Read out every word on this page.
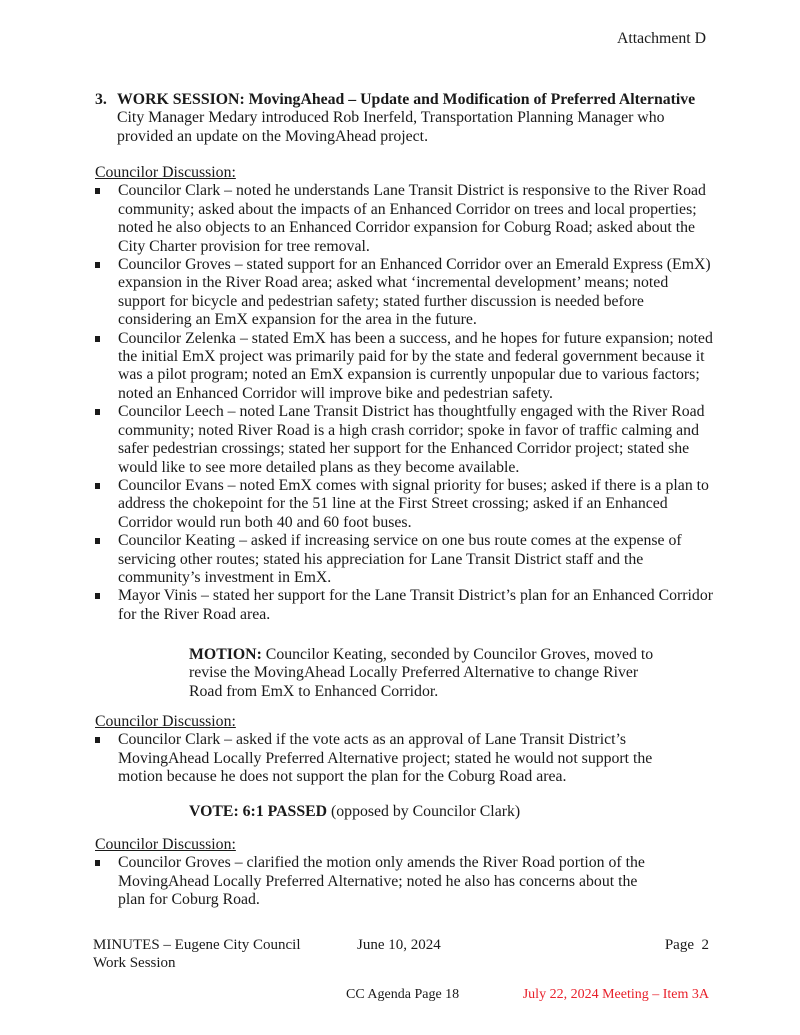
Attachment D
3. WORK SESSION: MovingAhead – Update and Modification of Preferred Alternative
City Manager Medary introduced Rob Inerfeld, Transportation Planning Manager who provided an update on the MovingAhead project.
Councilor Discussion:
Councilor Clark – noted he understands Lane Transit District is responsive to the River Road community; asked about the impacts of an Enhanced Corridor on trees and local properties; noted he also objects to an Enhanced Corridor expansion for Coburg Road; asked about the City Charter provision for tree removal.
Councilor Groves – stated support for an Enhanced Corridor over an Emerald Express (EmX) expansion in the River Road area; asked what ‘incremental development’ means; noted support for bicycle and pedestrian safety; stated further discussion is needed before considering an EmX expansion for the area in the future.
Councilor Zelenka – stated EmX has been a success, and he hopes for future expansion; noted the initial EmX project was primarily paid for by the state and federal government because it was a pilot program; noted an EmX expansion is currently unpopular due to various factors; noted an Enhanced Corridor will improve bike and pedestrian safety.
Councilor Leech – noted Lane Transit District has thoughtfully engaged with the River Road community; noted River Road is a high crash corridor; spoke in favor of traffic calming and safer pedestrian crossings; stated her support for the Enhanced Corridor project; stated she would like to see more detailed plans as they become available.
Councilor Evans – noted EmX comes with signal priority for buses; asked if there is a plan to address the chokepoint for the 51 line at the First Street crossing; asked if an Enhanced Corridor would run both 40 and 60 foot buses.
Councilor Keating – asked if increasing service on one bus route comes at the expense of servicing other routes; stated his appreciation for Lane Transit District staff and the community’s investment in EmX.
Mayor Vinis – stated her support for the Lane Transit District’s plan for an Enhanced Corridor for the River Road area.
MOTION: Councilor Keating, seconded by Councilor Groves, moved to revise the MovingAhead Locally Preferred Alternative to change River Road from EmX to Enhanced Corridor.
Councilor Discussion:
Councilor Clark – asked if the vote acts as an approval of Lane Transit District’s MovingAhead Locally Preferred Alternative project; stated he would not support the motion because he does not support the plan for the Coburg Road area.
VOTE: 6:1 PASSED (opposed by Councilor Clark)
Councilor Discussion:
Councilor Groves – clarified the motion only amends the River Road portion of the MovingAhead Locally Preferred Alternative; noted he also has concerns about the plan for Coburg Road.
MINUTES – Eugene City Council
Work Session
June 10, 2024	Page  2
CC Agenda Page 18	July 22, 2024 Meeting – Item 3A
